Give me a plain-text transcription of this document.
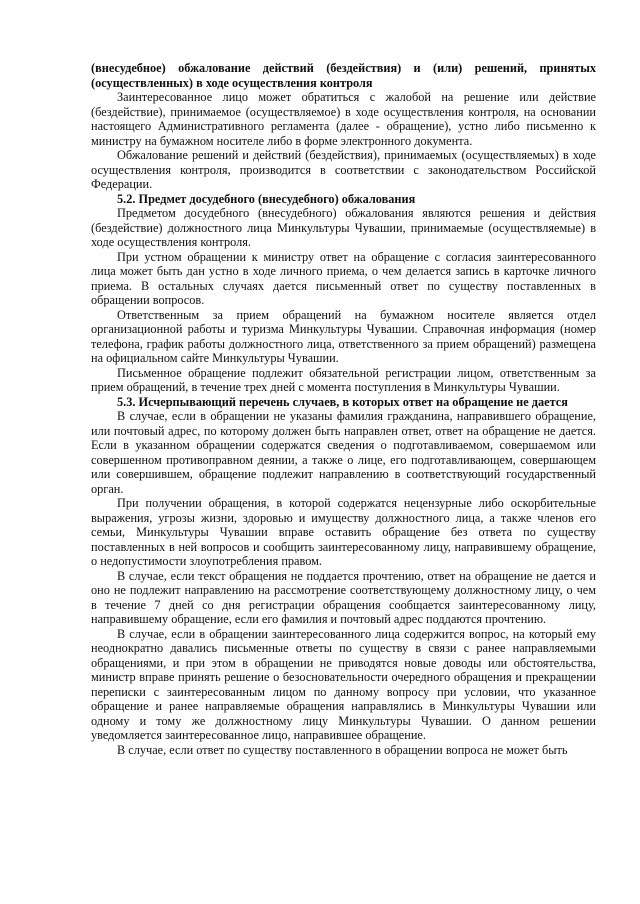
(внесудебное) обжалование действий (бездействия) и (или) решений, принятых (осуществленных) в ходе осуществления контроля

Заинтересованное лицо может обратиться с жалобой на решение или действие (бездействие), принимаемое (осуществляемое) в ходе осуществления контроля, на основании настоящего Административного регламента (далее - обращение), устно либо письменно к министру на бумажном носителе либо в форме электронного документа.

Обжалование решений и действий (бездействия), принимаемых (осуществляемых) в ходе осуществления контроля, производится в соответствии с законодательством Российской Федерации.

5.2. Предмет досудебного (внесудебного) обжалования

Предметом досудебного (внесудебного) обжалования являются решения и действия (бездействие) должностного лица Минкультуры Чувашии, принимаемые (осуществляемые) в ходе осуществления контроля.

При устном обращении к министру ответ на обращение с согласия заинтересованного лица может быть дан устно в ходе личного приема, о чем делается запись в карточке личного приема. В остальных случаях дается письменный ответ по существу поставленных в обращении вопросов.

Ответственным за прием обращений на бумажном носителе является отдел организационной работы и туризма Минкультуры Чувашии. Справочная информация (номер телефона, график работы должностного лица, ответственного за прием обращений) размещена на официальном сайте Минкультуры Чувашии.

Письменное обращение подлежит обязательной регистрации лицом, ответственным за прием обращений, в течение трех дней с момента поступления в Минкультуры Чувашии.

5.3. Исчерпывающий перечень случаев, в которых ответ на обращение не дается

В случае, если в обращении не указаны фамилия гражданина, направившего обращение, или почтовый адрес, по которому должен быть направлен ответ, ответ на обращение не дается. Если в указанном обращении содержатся сведения о подготавливаемом, совершаемом или совершенном противоправном деянии, а также о лице, его подготавливающем, совершающем или совершившем, обращение подлежит направлению в соответствующий государственный орган.

При получении обращения, в которой содержатся нецензурные либо оскорбительные выражения, угрозы жизни, здоровью и имуществу должностного лица, а также членов его семьи, Минкультуры Чувашии вправе оставить обращение без ответа по существу поставленных в ней вопросов и сообщить заинтересованному лицу, направившему обращение, о недопустимости злоупотребления правом.

В случае, если текст обращения не поддается прочтению, ответ на обращение не дается и оно не подлежит направлению на рассмотрение соответствующему должностному лицу, о чем в течение 7 дней со дня регистрации обращения сообщается заинтересованному лицу, направившему обращение, если его фамилия и почтовый адрес поддаются прочтению.

В случае, если в обращении заинтересованного лица содержится вопрос, на который ему неоднократно давались письменные ответы по существу в связи с ранее направляемыми обращениями, и при этом в обращении не приводятся новые доводы или обстоятельства, министр вправе принять решение о безосновательности очередного обращения и прекращении переписки с заинтересованным лицом по данному вопросу при условии, что указанное обращение и ранее направляемые обращения направлялись в Минкультуры Чувашии или одному и тому же должностному лицу Минкультуры Чувашии. О данном решении уведомляется заинтересованное лицо, направившее обращение.

В случае, если ответ по существу поставленного в обращении вопроса не может быть
